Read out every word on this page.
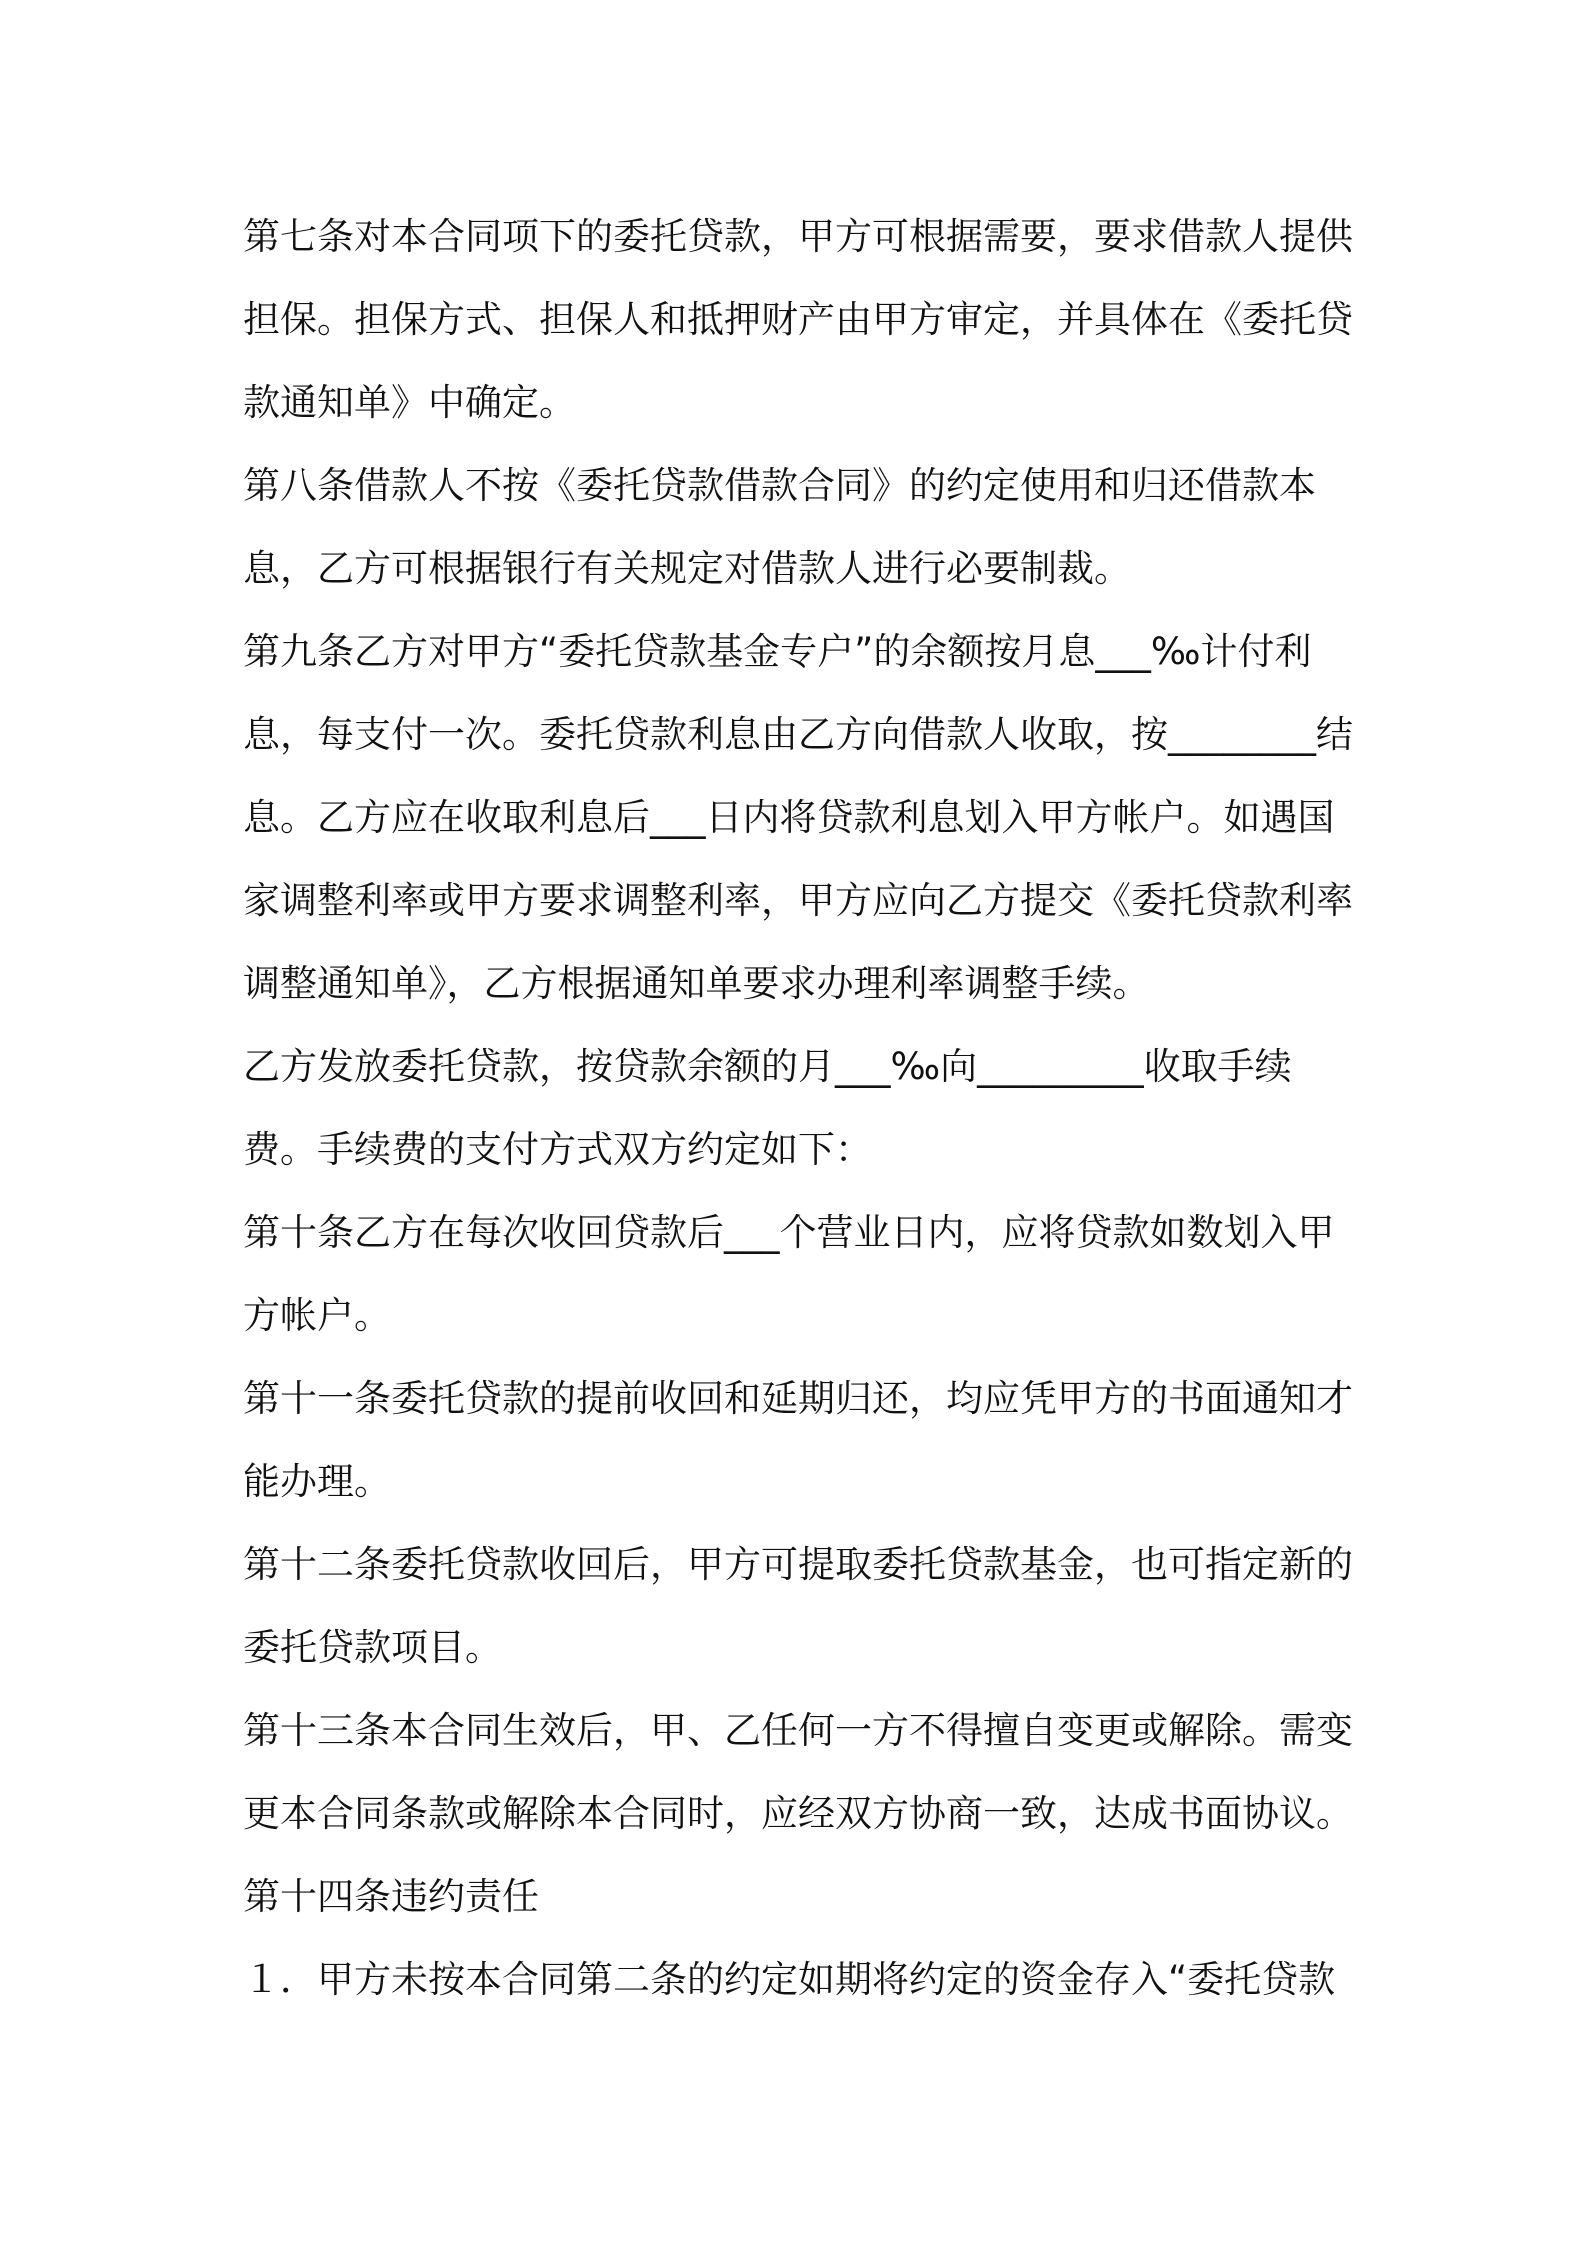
第七条对本合同项下的委托贷款，甲方可根据需要，要求借款人提供担保。担保方式、担保人和抵押财产由甲方审定，并具体在《委托贷款通知单》中确定。

第八条借款人不按《委托贷款借款合同》的约定使用和归还借款本息，乙方可根据银行有关规定对借款人进行必要制裁。

第九条乙方对甲方“委托贷款基金专户”的余额按月息___‰计付利息，每支付一次。委托贷款利息由乙方向借款人收取，按________结息。乙方应在收取利息后___日内将贷款利息划入甲方帐户。如遇国家调整利率或甲方要求调整利率，甲方应向乙方提交《委托贷款利率调整通知单》，乙方根据通知单要求办理利率调整手续。

乙方发放委托贷款，按贷款余额的月___‰向_________收取手续费。手续费的支付方式双方约定如下：

第十条乙方在每次收回贷款后___个营业日内，应将贷款如数划入甲方帐户。

第十一条委托贷款的提前收回和延期归还，均应凭甲方的书面通知才能办理。

第十二条委托贷款收回后，甲方可提取委托贷款基金，也可指定新的委托贷款项目。

第十三条本合同生效后，甲、乙任何一方不得擅自变更或解除。需变更本合同条款或解除本合同时，应经双方协商一致，达成书面协议。

第十四条违约责任

１．甲方未按本合同第二条的约定如期将约定的资金存入“委托贷款
